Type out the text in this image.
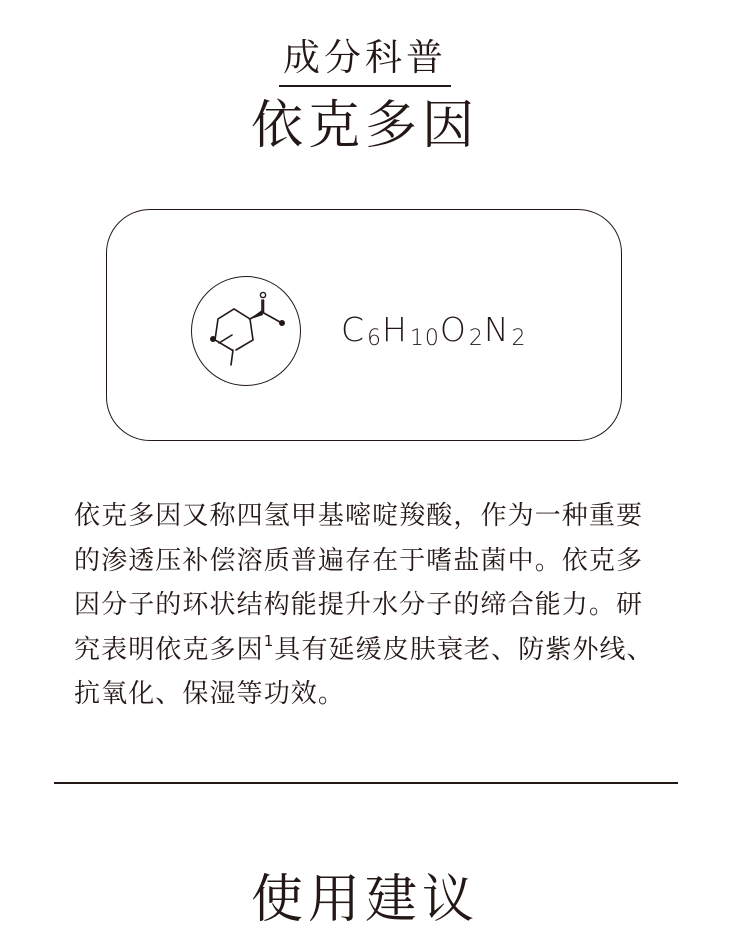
成分科普
依克多因
C6H10O2N2
依克多因又称四氢甲基嘧啶羧酸，作为一种重要的渗透压补偿溶质普遍存在于嗜盐菌中。依克多因分子的环状结构能提升水分子的缔合能力。研究表明依克多因$^1$具有延缓皮肤衰老、防紫外线、抗氧化、保湿等功效。
使用建议
